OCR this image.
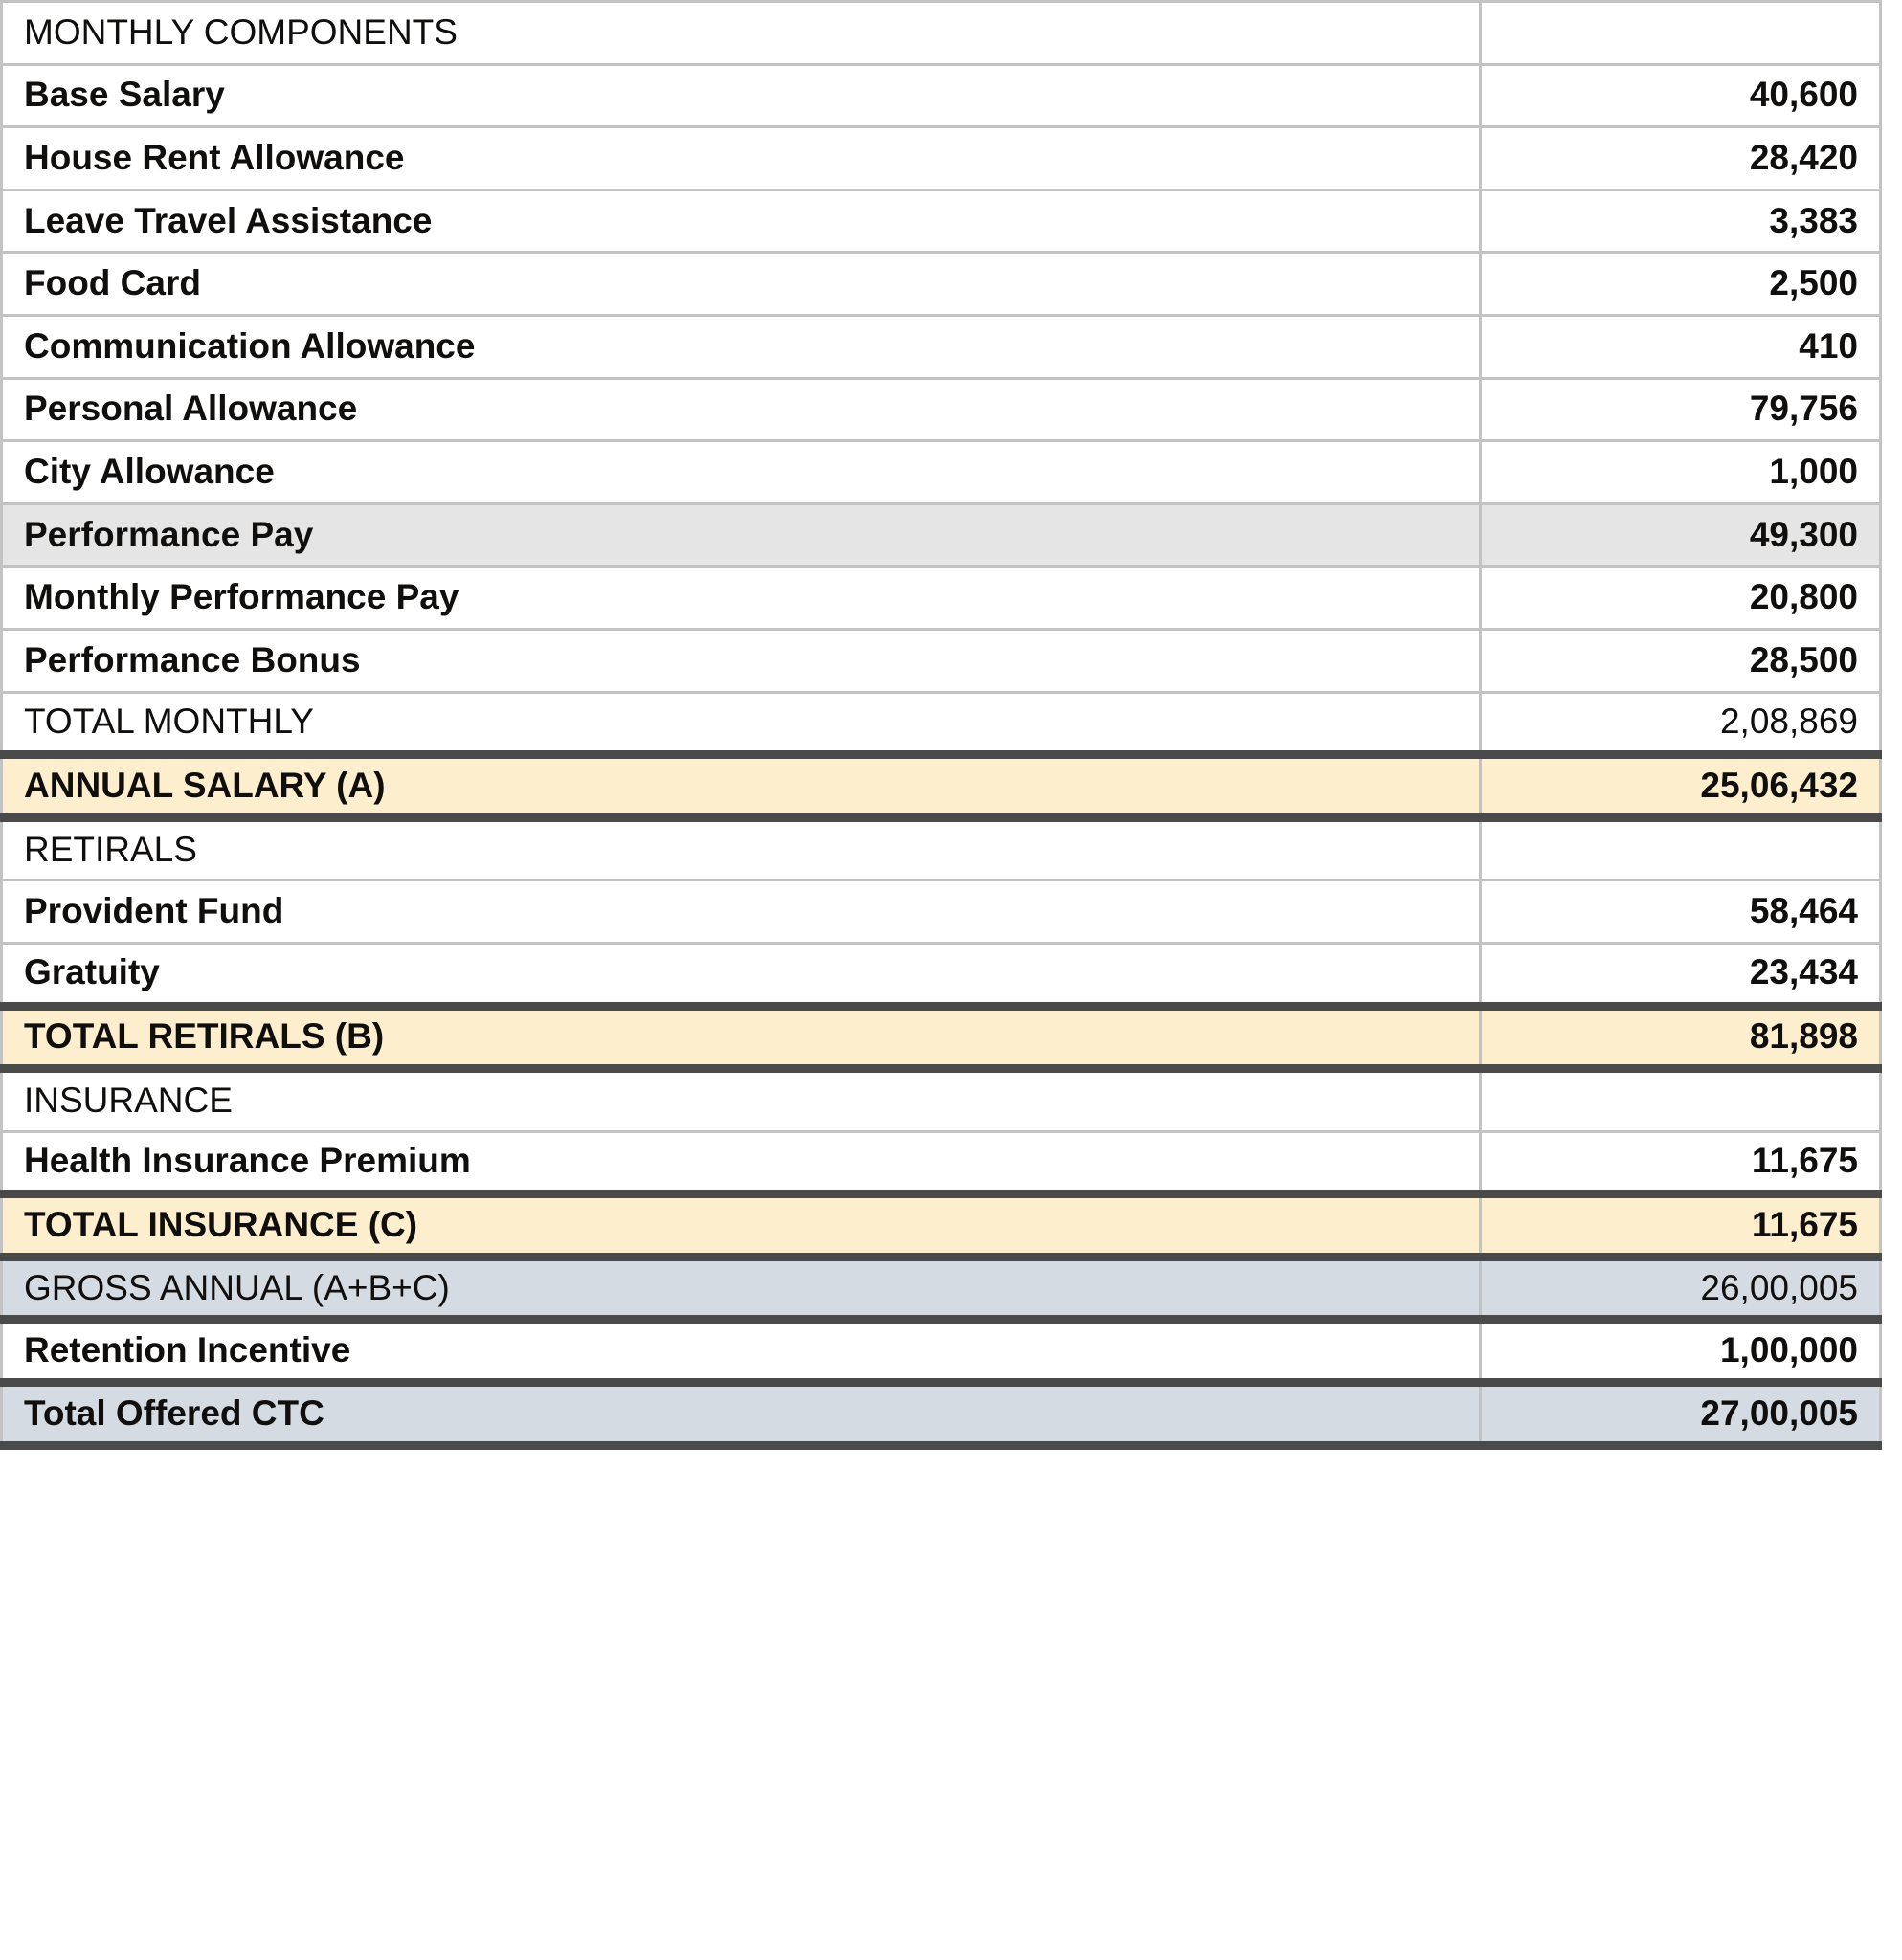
MONTHLY COMPONENTS	
Base Salary	40,600
House Rent Allowance	28,420
Leave Travel Assistance	3,383
Food Card	2,500
Communication Allowance	410
Personal Allowance	79,756
City Allowance	1,000
Performance Pay	49,300
Monthly Performance Pay	20,800
Performance Bonus	28,500
TOTAL MONTHLY	2,08,869
ANNUAL SALARY (A)	25,06,432
RETIRALS	
Provident Fund	58,464
Gratuity	23,434
TOTAL RETIRALS (B)	81,898
INSURANCE	
Health Insurance Premium	11,675
TOTAL INSURANCE (C)	11,675
GROSS ANNUAL (A+B+C)	26,00,005
Retention Incentive	1,00,000
Total Offered CTC	27,00,005
